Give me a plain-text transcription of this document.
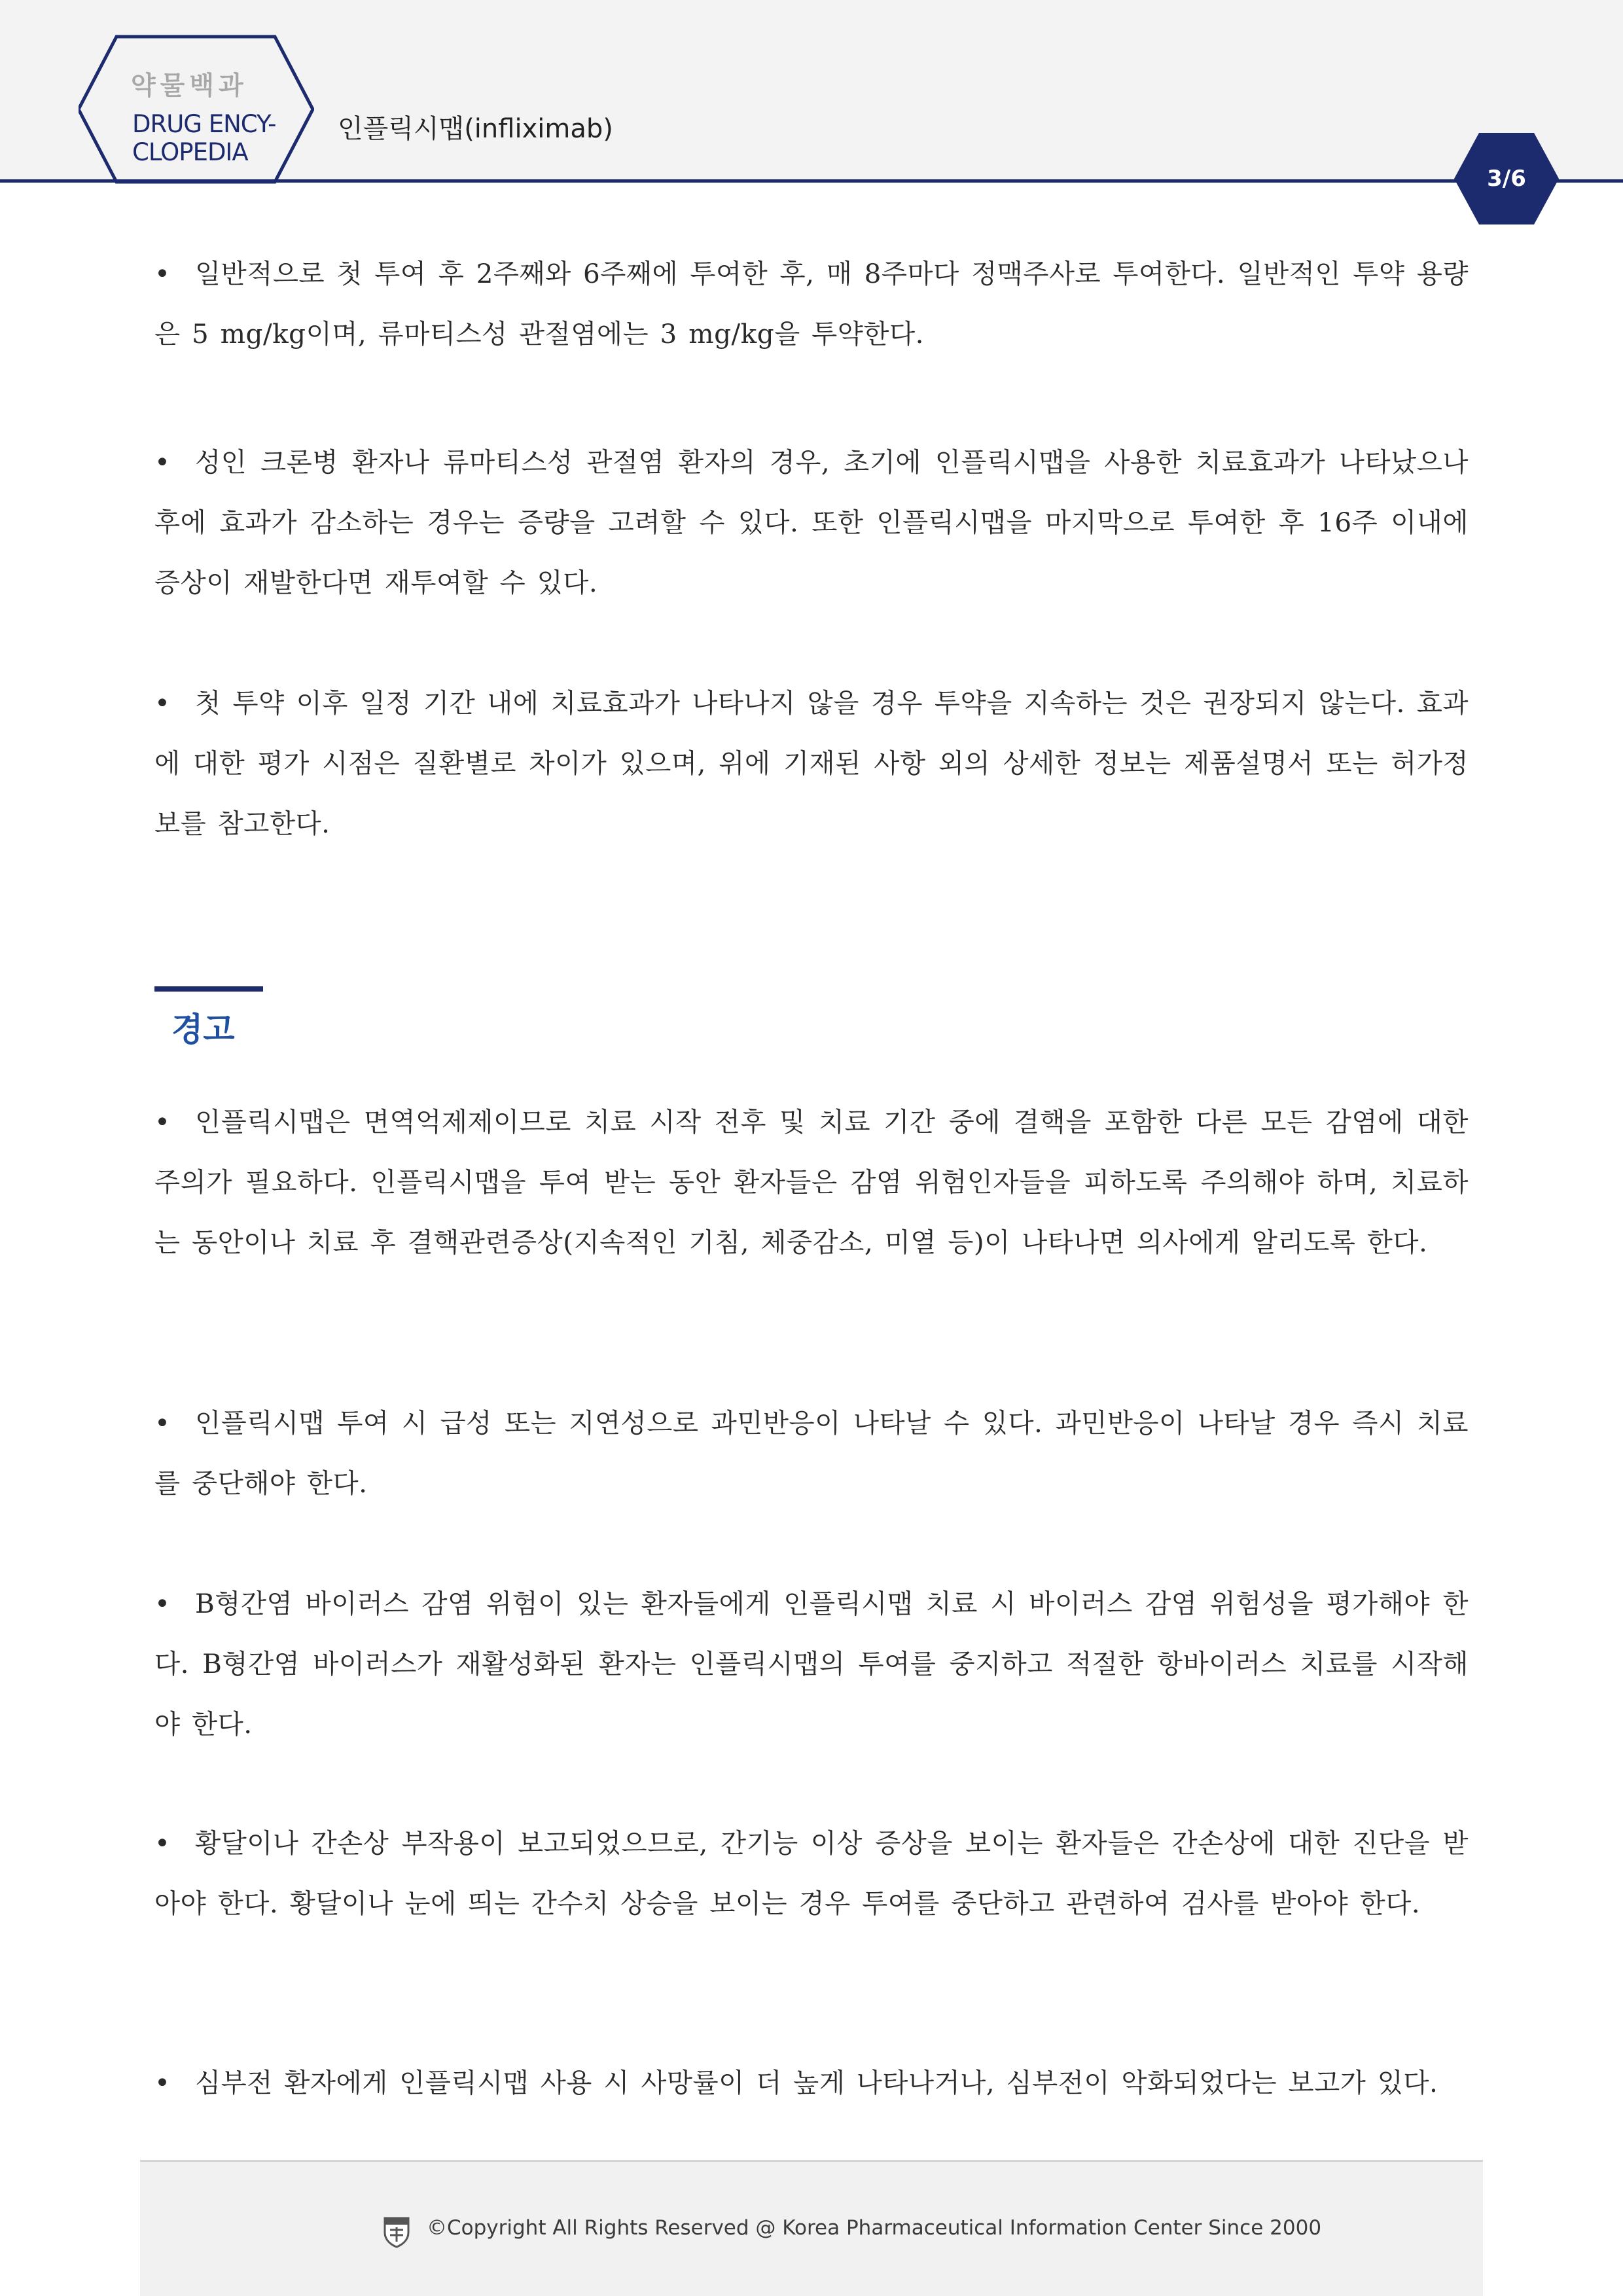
약물백과
DRUG ENCY-
CLOPEDIA
인플릭시맵(infliximab)
3/6
• 일반적으로 첫 투여 후 2주째와 6주째에 투여한 후, 매 8주마다 정맥주사로 투여한다. 일반적인 투약 용량은 5 mg/kg이며, 류마티스성 관절염에는 3 mg/kg을 투약한다.
• 성인 크론병 환자나 류마티스성 관절염 환자의 경우, 초기에 인플릭시맵을 사용한 치료효과가 나타났으나 후에 효과가 감소하는 경우는 증량을 고려할 수 있다. 또한 인플릭시맵을 마지막으로 투여한 후 16주 이내에 증상이 재발한다면 재투여할 수 있다.
• 첫 투약 이후 일정 기간 내에 치료효과가 나타나지 않을 경우 투약을 지속하는 것은 권장되지 않는다. 효과에 대한 평가 시점은 질환별로 차이가 있으며, 위에 기재된 사항 외의 상세한 정보는 제품설명서 또는 허가정보를 참고한다.
경고
• 인플릭시맵은 면역억제제이므로 치료 시작 전후 및 치료 기간 중에 결핵을 포함한 다른 모든 감염에 대한 주의가 필요하다. 인플릭시맵을 투여 받는 동안 환자들은 감염 위험인자들을 피하도록 주의해야 하며, 치료하는 동안이나 치료 후 결핵관련증상(지속적인 기침, 체중감소, 미열 등)이 나타나면 의사에게 알리도록 한다.
• 인플릭시맵 투여 시 급성 또는 지연성으로 과민반응이 나타날 수 있다. 과민반응이 나타날 경우 즉시 치료를 중단해야 한다.
• B형간염 바이러스 감염 위험이 있는 환자들에게 인플릭시맵 치료 시 바이러스 감염 위험성을 평가해야 한다. B형간염 바이러스가 재활성화된 환자는 인플릭시맵의 투여를 중지하고 적절한 항바이러스 치료를 시작해야 한다.
• 황달이나 간손상 부작용이 보고되었으므로, 간기능 이상 증상을 보이는 환자들은 간손상에 대한 진단을 받아야 한다. 황달이나 눈에 띄는 간수치 상승을 보이는 경우 투여를 중단하고 관련하여 검사를 받아야 한다.
• 심부전 환자에게 인플릭시맵 사용 시 사망률이 더 높게 나타나거나, 심부전이 악화되었다는 보고가 있다.
©Copyright All Rights Reserved @ Korea Pharmaceutical Information Center Since 2000
